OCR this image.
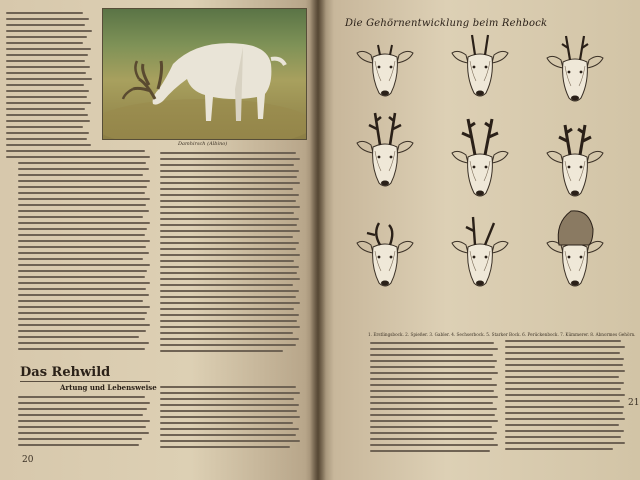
Damhirsch (Albino)
Das Rehwild
Artung und Lebensweise
20
Die Gehörnentwicklung beim Rehbock
1. Erstlingsbock. 2. Spießer. 3. Gabler. 4. Sechserbock. 5. Starker Bock. 6. Perückenbock. 7. Kümmerer. 8. Abnormes Gehörn.
21
